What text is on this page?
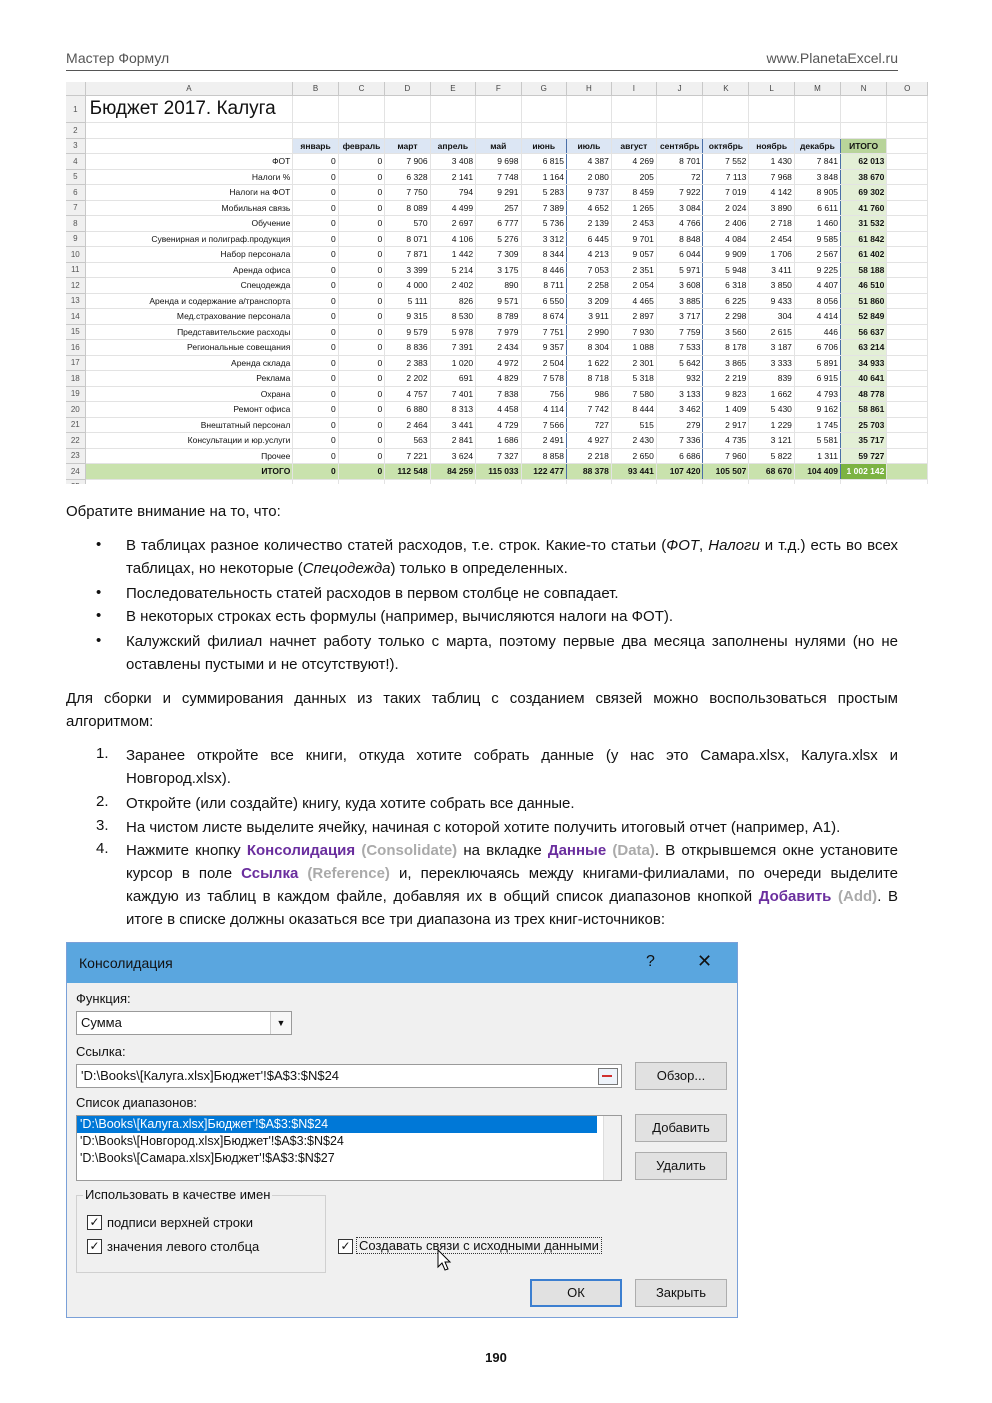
Мастер Формул	www.PlanetaExcel.ru
	A	B	C	D	E	F	G	H	I	J	K	L	M	N	O
1	Бюджет 2017. Калуга														
2															
3		январь	февраль	март	апрель	май	июнь	июль	август	сентябрь	октябрь	ноябрь	декабрь	ИТОГО	
4	ФОТ	0	0	7 906	3 408	9 698	6 815	4 387	4 269	8 701	7 552	1 430	7 841	62 013	
5	Налоги %	0	0	6 328	2 141	7 748	1 164	2 080	205	72	7 113	7 968	3 848	38 670	
6	Налоги на ФОТ	0	0	7 750	794	9 291	5 283	9 737	8 459	7 922	7 019	4 142	8 905	69 302	
7	Мобильная связь	0	0	8 089	4 499	257	7 389	4 652	1 265	3 084	2 024	3 890	6 611	41 760	
8	Обучение	0	0	570	2 697	6 777	5 736	2 139	2 453	4 766	2 406	2 718	1 460	31 532	
9	Сувенирная и полиграф.продукция	0	0	8 071	4 106	5 276	3 312	6 445	9 701	8 848	4 084	2 454	9 585	61 842	
10	Набор персонала	0	0	7 871	1 442	7 309	8 344	4 213	9 057	6 044	9 909	1 706	2 567	61 402	
11	Аренда офиса	0	0	3 399	5 214	3 175	8 446	7 053	2 351	5 971	5 948	3 411	9 225	58 188	
12	Спецодежда	0	0	4 000	2 402	890	8 711	2 258	2 054	3 608	6 318	3 850	4 407	46 510	
13	Аренда и содержание а/транспорта	0	0	5 111	826	9 571	6 550	3 209	4 465	3 885	6 225	9 433	8 056	51 860	
14	Мед.страхование персонала	0	0	9 315	8 530	8 789	8 674	3 911	2 897	3 717	2 298	304	4 414	52 849	
15	Представительские расходы	0	0	9 579	5 978	7 979	7 751	2 990	7 930	7 759	3 560	2 615	446	56 637	
16	Региональные совещания	0	0	8 836	7 391	2 434	9 357	8 304	1 088	7 533	8 178	3 187	6 706	63 214	
17	Аренда склада	0	0	2 383	1 020	4 972	2 504	1 622	2 301	5 642	3 865	3 333	5 891	34 933	
18	Реклама	0	0	2 202	691	4 829	7 578	8 718	5 318	932	2 219	839	6 915	40 641	
19	Охрана	0	0	4 757	7 401	7 838	756	986	7 580	3 133	9 823	1 662	4 793	48 778	
20	Ремонт офиса	0	0	6 880	8 313	4 458	4 114	7 742	8 444	3 462	1 409	5 430	9 162	58 861	
21	Внештатный персонал	0	0	2 464	3 441	4 729	7 566	727	515	279	2 917	1 229	1 745	25 703	
22	Консультации и юр.услуги	0	0	563	2 841	1 686	2 491	4 927	2 430	7 336	4 735	3 121	5 581	35 717	
23	Прочее	0	0	7 221	3 624	7 327	8 858	2 218	2 650	6 686	7 960	5 822	1 311	59 727	
24	ИТОГО	0	0	112 548	84 259	115 033	122 477	88 378	93 441	107 420	105 507	68 670	104 409	1 002 142	

Обратите внимание на то, что:
• В таблицах разное количество статей расходов, т.е. строк. Какие-то статьи (ФОТ, Налоги и т.д.) есть во всех таблицах, но некоторые (Спецодежда) только в определенных.
• Последовательность статей расходов в первом столбце не совпадает.
• В некоторых строках есть формулы (например, вычисляются налоги на ФОТ).
• Калужский филиал начнет работу только с марта, поэтому первые два месяца заполнены нулями (но не оставлены пустыми и не отсутствуют!).
Для сборки и суммирования данных из таких таблиц с созданием связей можно воспользоваться простым алгоритмом:
1. Заранее откройте все книги, откуда хотите собрать данные (у нас это Самара.xlsx, Калуга.xlsx и Новгород.xlsx).
2. Откройте (или создайте) книгу, куда хотите собрать все данные.
3. На чистом листе выделите ячейку, начиная с которой хотите получить итоговый отчет (например, A1).
4. Нажмите кнопку Консолидация (Consolidate) на вкладке Данные (Data). В открывшемся окне установите курсор в поле Ссылка (Reference) и, переключаясь между книгами-филиалами, по очереди выделите каждую из таблиц в каждом файле, добавляя их в общий список диапазонов кнопкой Добавить (Add). В итоге в списке должны оказаться все три диапазона из трех книг-источников:
Консолидация	? ✕
Функция:
Сумма	▼
Ссылка:
'D:\Books\[Калуга.xlsx]Бюджет'!$A$3:$N$24	Обзор...
Список диапазонов:
'D:\Books\[Калуга.xlsx]Бюджет'!$A$3:$N$24
'D:\Books\[Новгород.xlsx]Бюджет'!$A$3:$N$24
'D:\Books\[Самара.xlsx]Бюджет'!$A$3:$N$27
Добавить
Удалить
Использовать в качестве имен
✓ подписи верхней строки
✓ значения левого столбца	✓ Создавать связи с исходными данными
ОК	Закрыть
190
